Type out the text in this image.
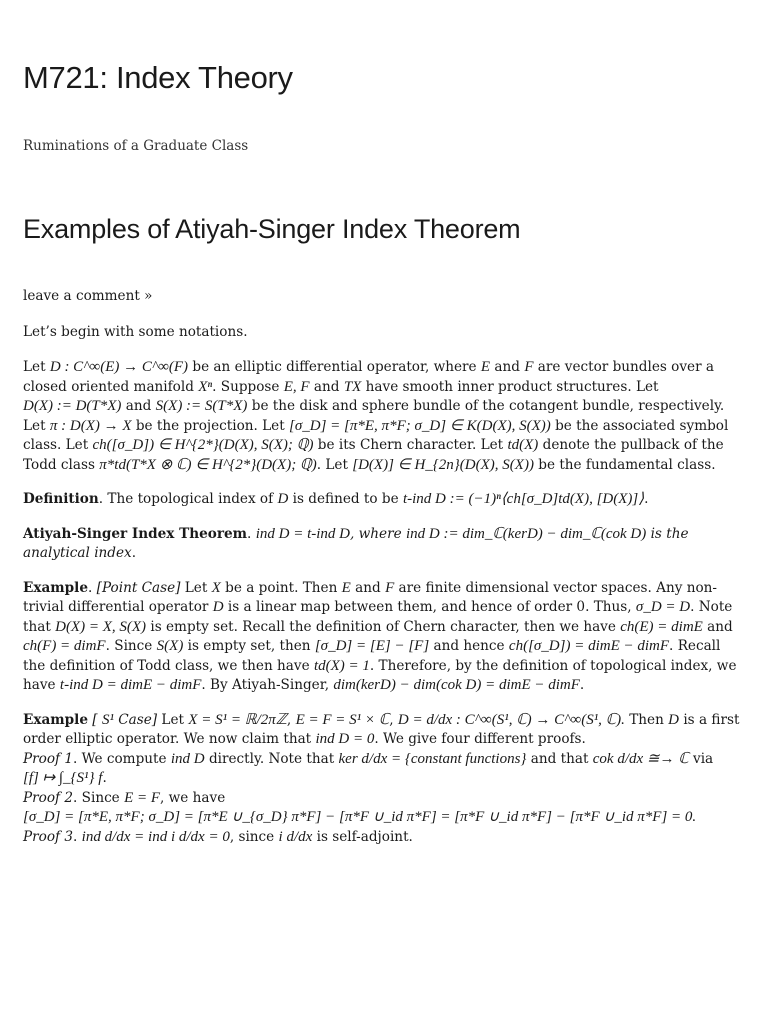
M721: Index Theory

Ruminations of a Graduate Class

Examples of Atiyah-Singer Index Theorem

leave a comment »

Let’s begin with some notations.

Let D : C^∞(E) → C^∞(F) be an elliptic differential operator, where E and F are vector bundles over a closed oriented manifold Xⁿ. Suppose E, F and TX have smooth inner product structures. Let D(X) := D(T*X) and S(X) := S(T*X) be the disk and sphere bundle of the cotangent bundle, respectively. Let π : D(X) → X be the projection. Let [σ_D] = [π*E, π*F; σ_D] ∈ K(D(X), S(X)) be the associated symbol class. Let ch([σ_D]) ∈ H^{2*}(D(X), S(X); ℚ) be its Chern character. Let td(X) denote the pullback of the Todd class π*td(T*X ⊗ ℂ) ∈ H^{2*}(D(X); ℚ). Let [D(X)] ∈ H_{2n}(D(X), S(X)) be the fundamental class.

Definition. The topological index of D is defined to be t-ind D := (−1)ⁿ⟨ch[σ_D]td(X), [D(X)]⟩.

Atiyah-Singer Index Theorem. ind D = t-ind D, where ind D := dim_ℂ(kerD) − dim_ℂ(cok D) is the analytical index.

Example. [Point Case] Let X be a point. Then E and F are finite dimensional vector spaces. Any non-trivial differential operator D is a linear map between them, and hence of order 0. Thus, σ_D = D. Note that D(X) = X, S(X) is empty set. Recall the definition of Chern character, then we have ch(E) = dimE and ch(F) = dimF. Since S(X) is empty set, then [σ_D] = [E] − [F] and hence ch([σ_D]) = dimE − dimF. Recall the definition of Todd class, we then have td(X) = 1. Therefore, by the definition of topological index, we have t-ind D = dimE − dimF. By Atiyah-Singer, dim(kerD) − dim(cok D) = dimE − dimF.

Example [ S¹ Case] Let X = S¹ = ℝ/2πℤ, E = F = S¹ × ℂ, D = d/dx : C^∞(S¹, ℂ) → C^∞(S¹, ℂ). Then D is a first order elliptic operator. We now claim that ind D = 0. We give four different proofs.

Proof 1. We compute ind D directly. Note that ker d/dx = {constant functions} and that cok d/dx ≅→ ℂ via [f] ↦ ∫_{S¹} f.

Proof 2. Since E = F, we have [σ_D] = [π*E, π*F; σ_D] = [π*E ∪_{σ_D} π*F] − [π*F ∪_id π*F] = [π*F ∪_id π*F] − [π*F ∪_id π*F] = 0.

Proof 3. ind d/dx = ind i d/dx = 0, since i d/dx is self-adjoint.
